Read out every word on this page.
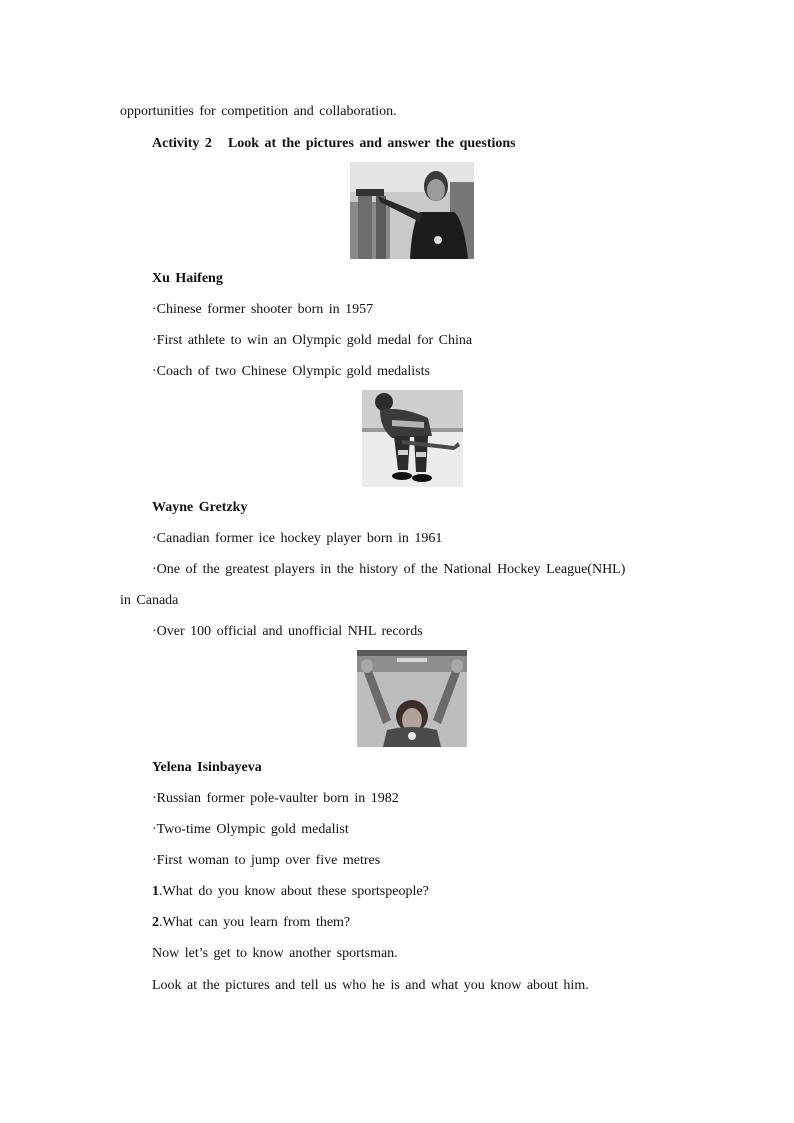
opportunities for competition and collaboration.
Activity 2 Look at the pictures and answer the questions
Xu Haifeng
·Chinese former shooter born in 1957
·First athlete to win an Olympic gold medal for China
·Coach of two Chinese Olympic gold medalists
Wayne Gretzky
·Canadian former ice hockey player born in 1961
·One of the greatest players in the history of the National Hockey League(NHL)
in Canada
·Over 100 official and unofficial NHL records
Yelena Isinbayeva
·Russian former pole-vaulter born in 1982
·Two-time Olympic gold medalist
·First woman to jump over five metres
1.What do you know about these sportspeople?
2.What can you learn from them?
Now let’s get to know another sportsman.
Look at the pictures and tell us who he is and what you know about him.
